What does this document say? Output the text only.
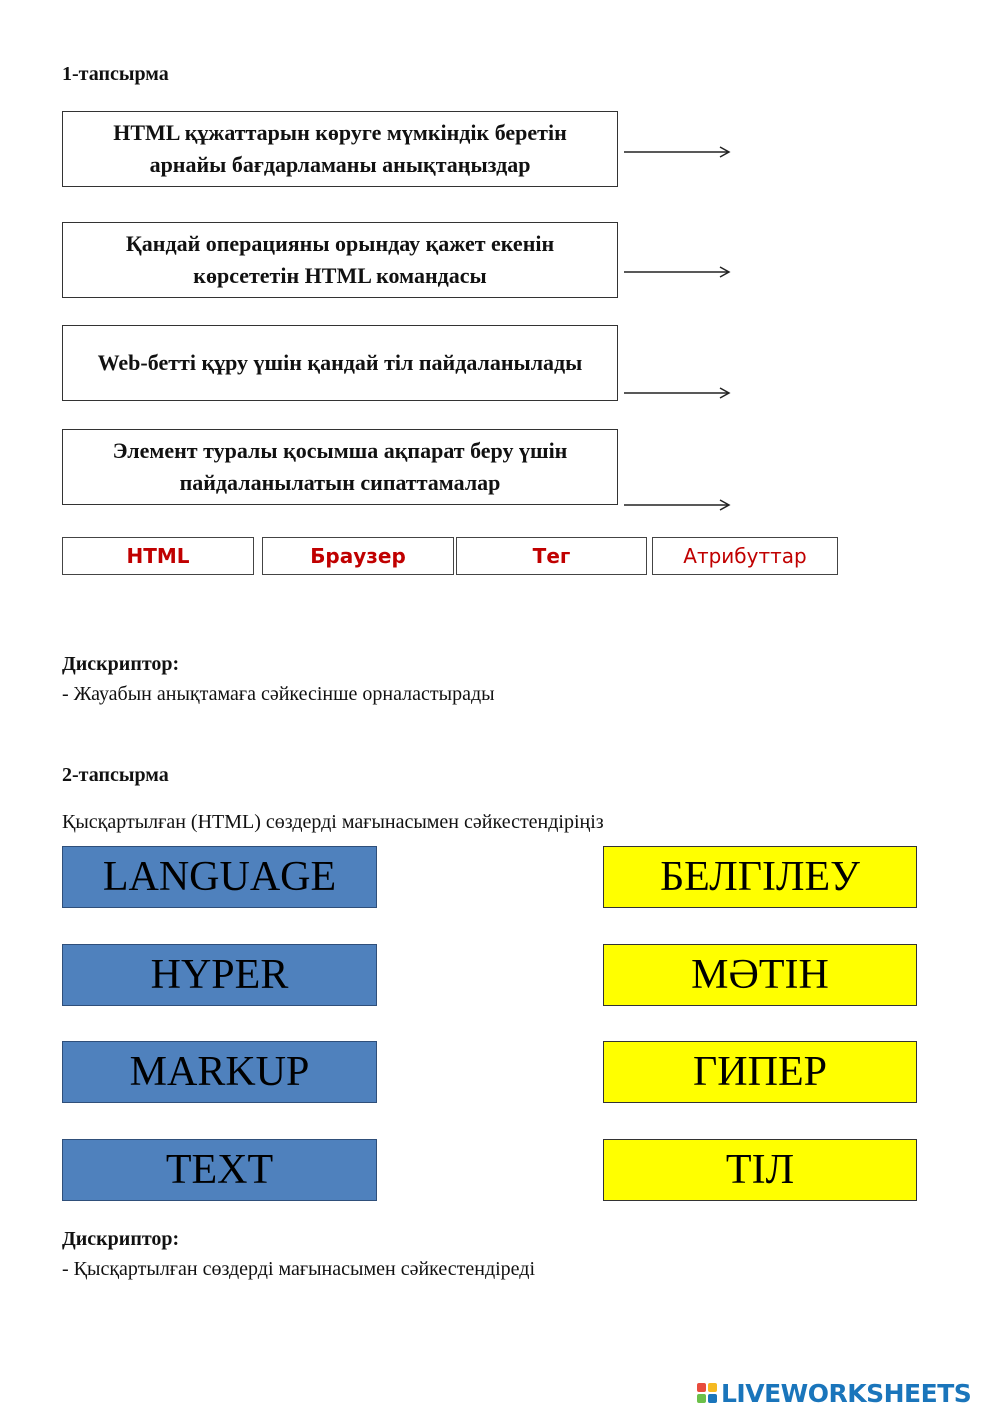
1-тапсырма
HTML құжаттарын көруге мүмкіндік беретін арнайы бағдарламаны анықтаңыздар
Қандай операцияны орындау қажет екенін көрсететін HTML командасы
Web-бетті құру үшін қандай тіл пайдаланылады
Элемент туралы қосымша ақпарат беру үшін пайдаланылатын сипаттамалар
HTML	Браузер	Тег	Атрибуттар
Дискриптор:
- Жауабын анықтамаға сәйкесінше орналастырады
2-тапсырма
Қысқартылған (HTML) сөздерді мағынасымен сәйкестендіріңіз
LANGUAGE
HYPER
MARKUP
TEXT
БЕЛГІЛЕУ
МӘТІН
ГИПЕР
ТІЛ
Дискриптор:
- Қысқартылған сөздерді мағынасымен сәйкестендіреді
LIVEWORKSHEETS
